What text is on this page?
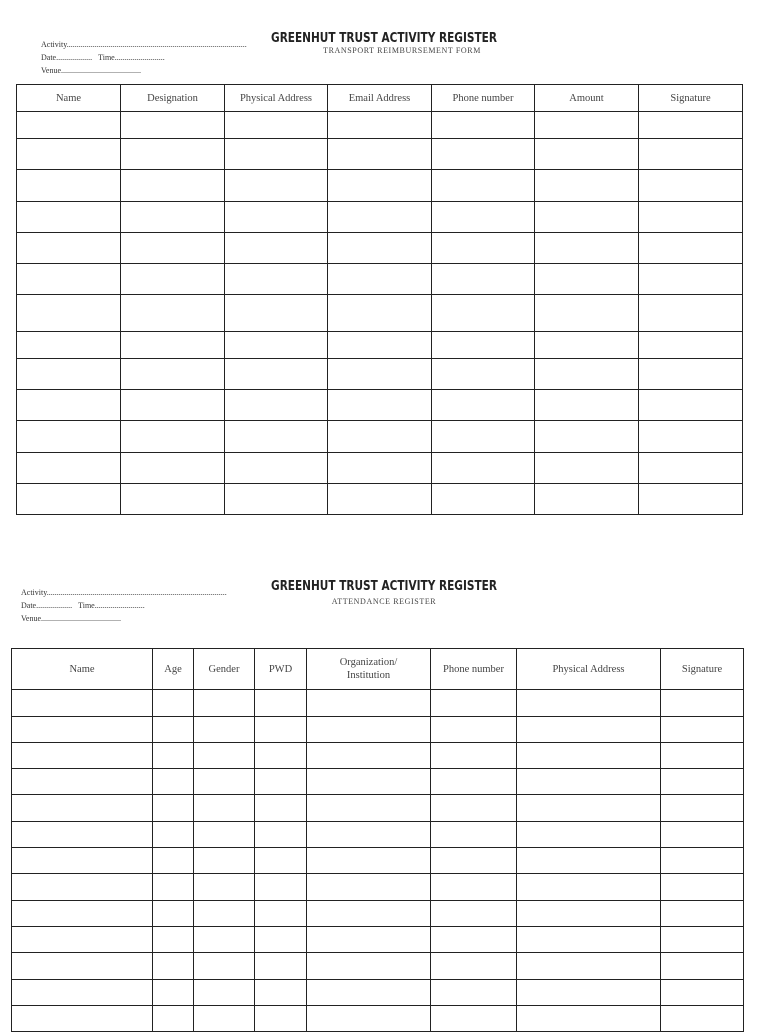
Activity..........................................................................................
Date.................. Time.........................
Venue........................................
GREENHUT TRUST ACTIVITY REGISTER
TRANSPORT REIMBURSEMENT FORM
Name	Designation	Physical Address	Email Address	Phone number	Amount	Signature

Activity..........................................................................................
Date.................. Time.........................
Venue........................................
GREENHUT TRUST ACTIVITY REGISTER
ATTENDANCE REGISTER
Name	Age	Gender	PWD	Organization/ Institution	Phone number	Physical Address	Signature
